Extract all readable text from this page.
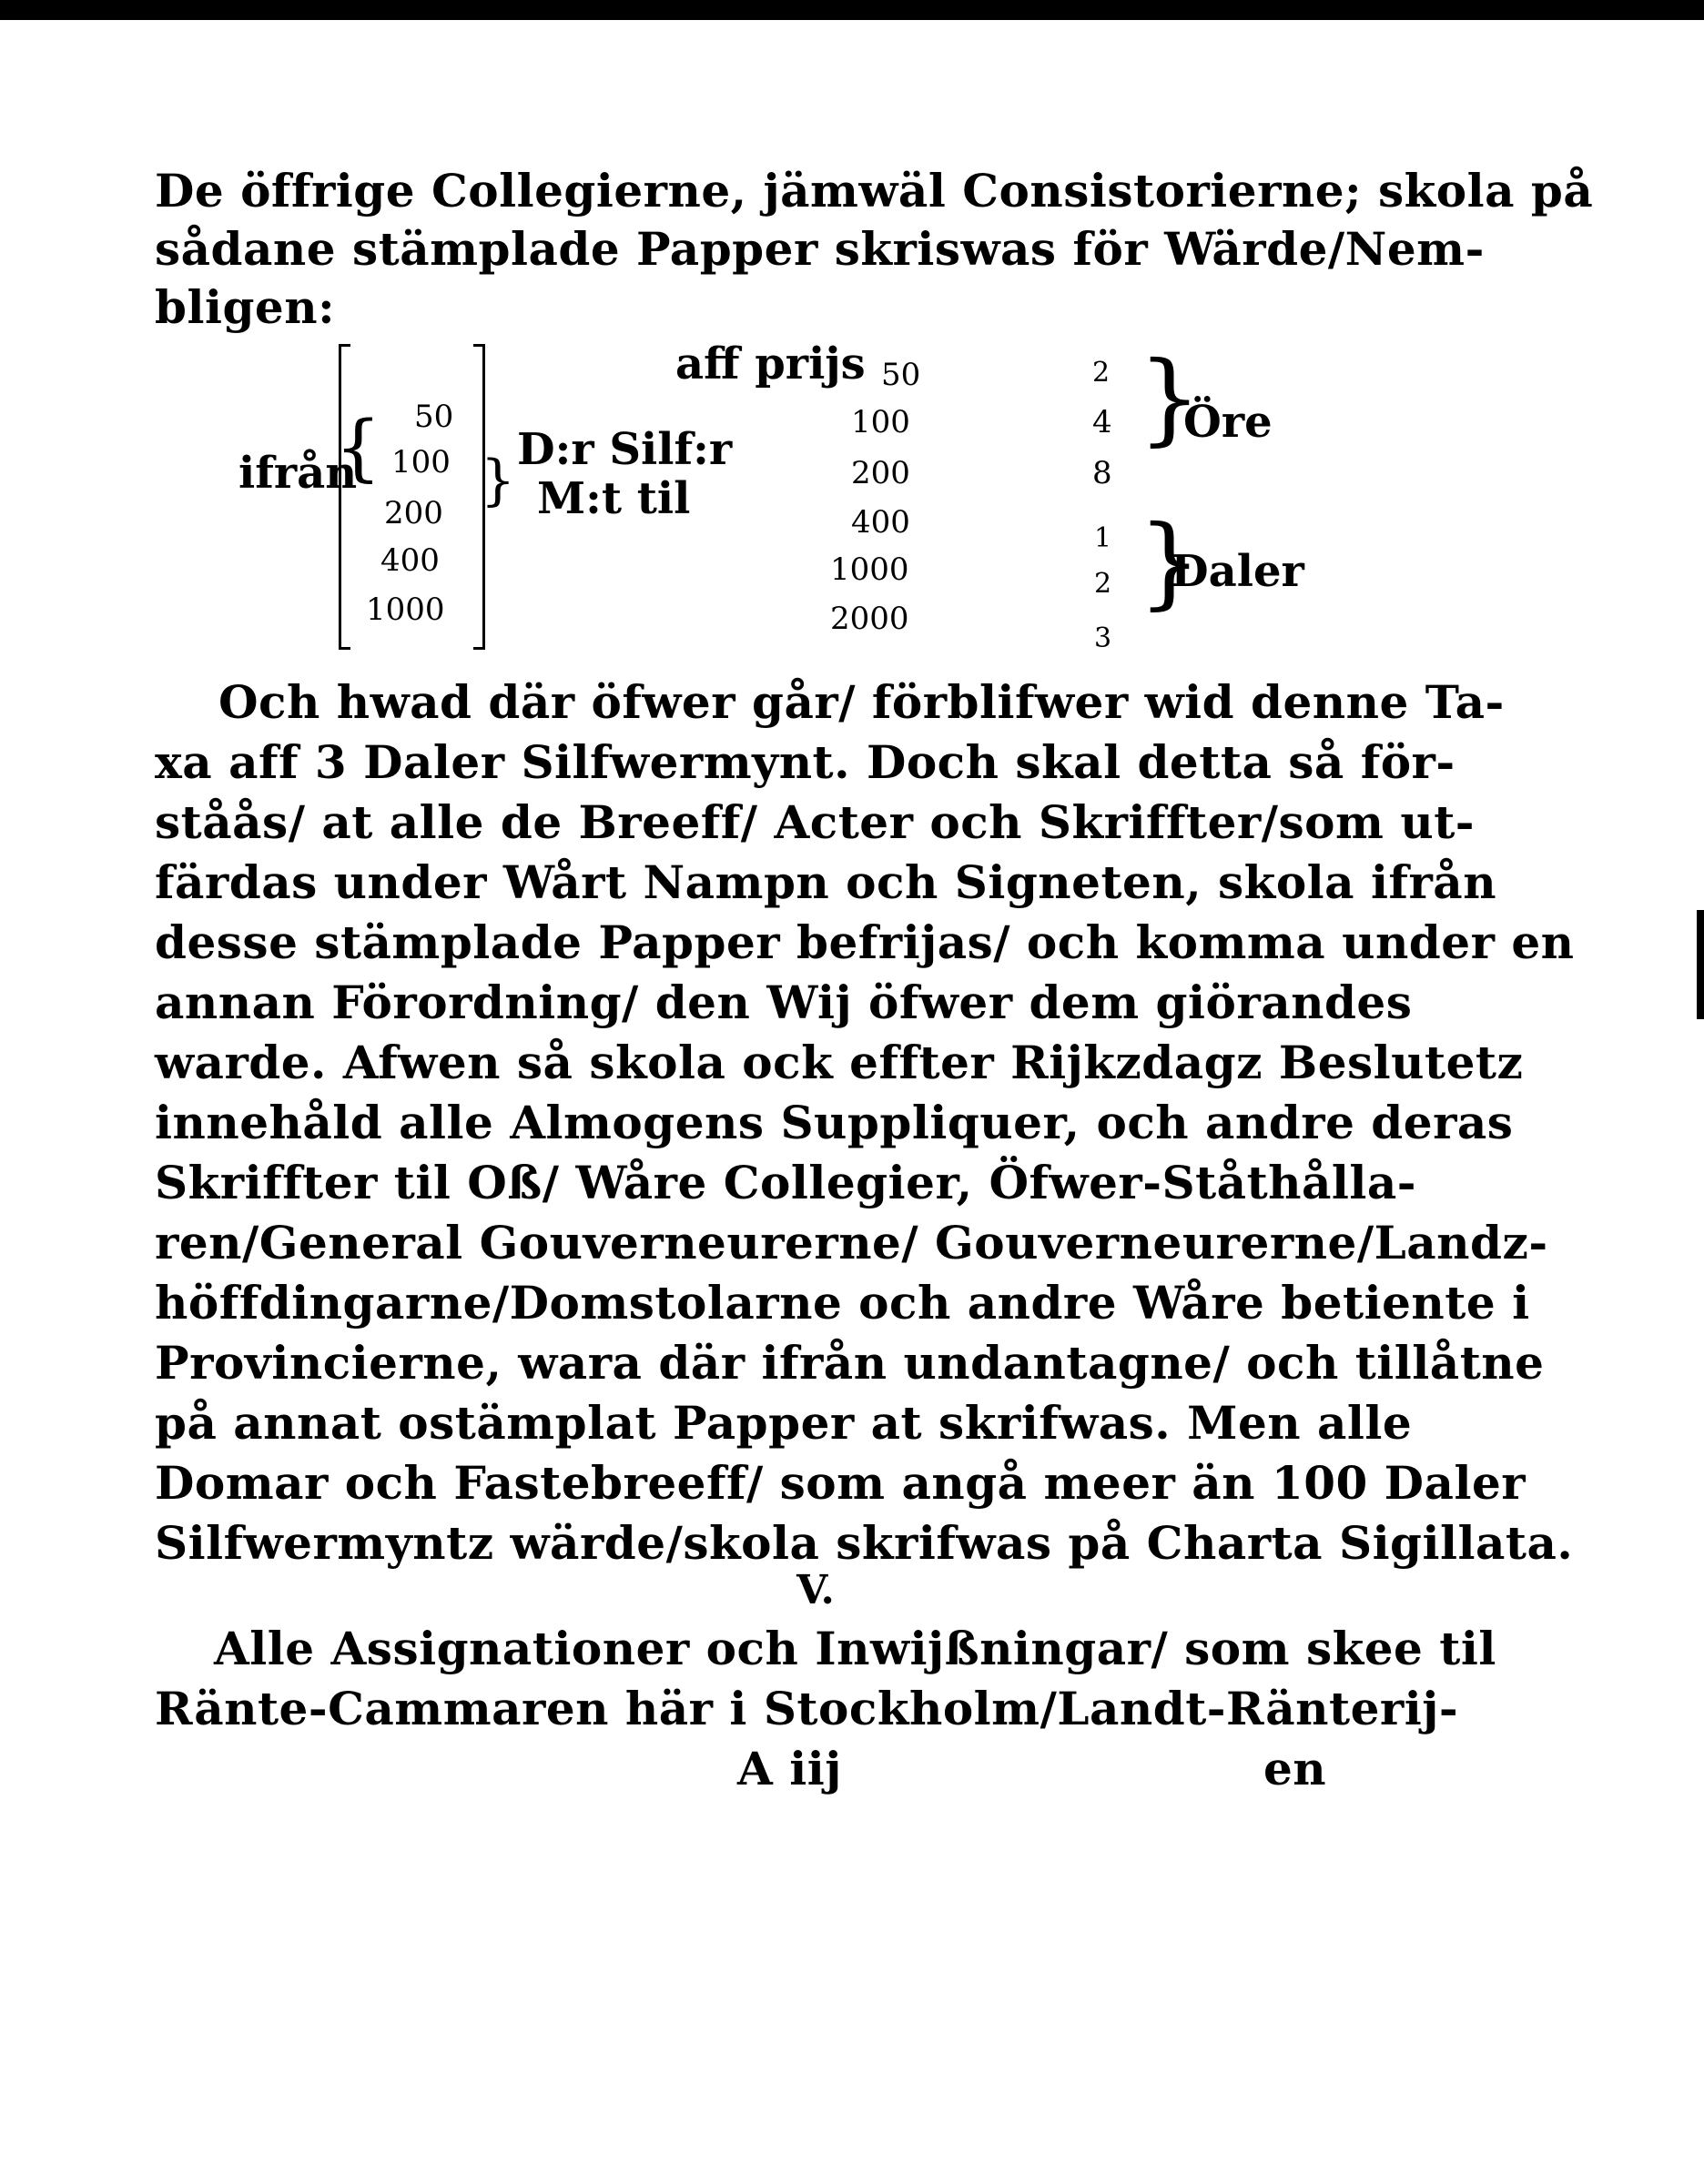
De öffrige Collegierne, jämwäl Consistorierne; skola på
sådane stämplade Papper skriswas för Wärde/Nem-
bligen:
ifrån
{ 50
100
200
400
1000
} D:r Silf:r
M:t til
aff prijs 50
100
200
400
1000
2000
2
4
8
1
2
3
}
Öre
}
Daler
Och hwad där öfwer går/ förblifwer wid denne Ta-
xa aff 3 Daler Silfwermynt. Doch skal detta så för-
ståås/ at alle de Breeff/ Acter och Skriffter/som ut-
färdas under Wårt Nampn och Signeten, skola ifrån
desse stämplade Papper befrijas/ och komma under en
annan Förordning/ den Wij öfwer dem giörandes
warde. Afwen så skola ock effter Rijkzdagz Beslutetz
innehåld alle Almogens Suppliquer, och andre deras
Skriffter til Oß/ Wåre Collegier, Öfwer-Ståthålla-
ren/General Gouverneurerne/ Gouverneurerne/Landz-
höffdingarne/Domstolarne och andre Wåre betiente i
Provincierne, wara där ifrån undantagne/ och tillåtne
på annat ostämplat Papper at skrifwas. Men alle
Domar och Fastebreeff/ som angå meer än 100 Daler
Silfwermyntz wärde/skola skrifwas på Charta Sigillata.
V.
Alle Assignationer och Inwijßningar/ som skee til
Ränte-Cammaren här i Stockholm/Landt-Ränterij-
A iij	en
